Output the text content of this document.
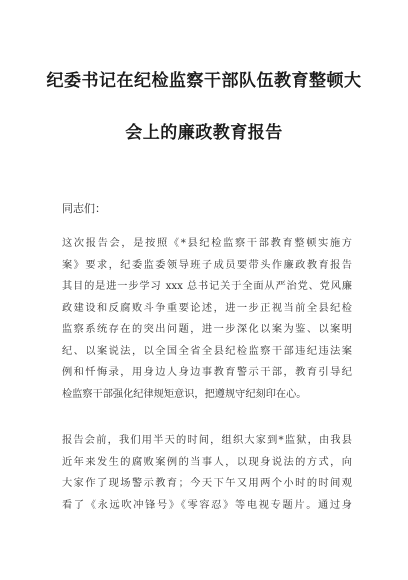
纪委书记在纪检监察干部队伍教育整顿大
会上的廉政教育报告
同志们：
这次报告会，是按照《*县纪检监察干部教育整顿实施方
案》要求，纪委监委领导班子成员要带头作廉政教育报告
其目的是进一步学习 xxx 总书记关于全面从严治党、党风廉
政建设和反腐败斗争重要论述，进一步正视当前全县纪检
监察系统存在的突出问题，进一步深化以案为鉴、以案明
纪、以案说法，以全国全省全县纪检监察干部违纪违法案
例和忏悔录，用身边人身边事教育警示干部，教育引导纪
检监察干部强化纪律规矩意识，把遵规守纪刻印在心。
报告会前，我们用半天的时间，组织大家到*监狱，由我县
近年来发生的腐败案例的当事人，以现身说法的方式，向
大家作了现场警示教育；今天下午又用两个小时的时间观
看了《永远吹冲锋号》《零容忍》等电视专题片。通过身
